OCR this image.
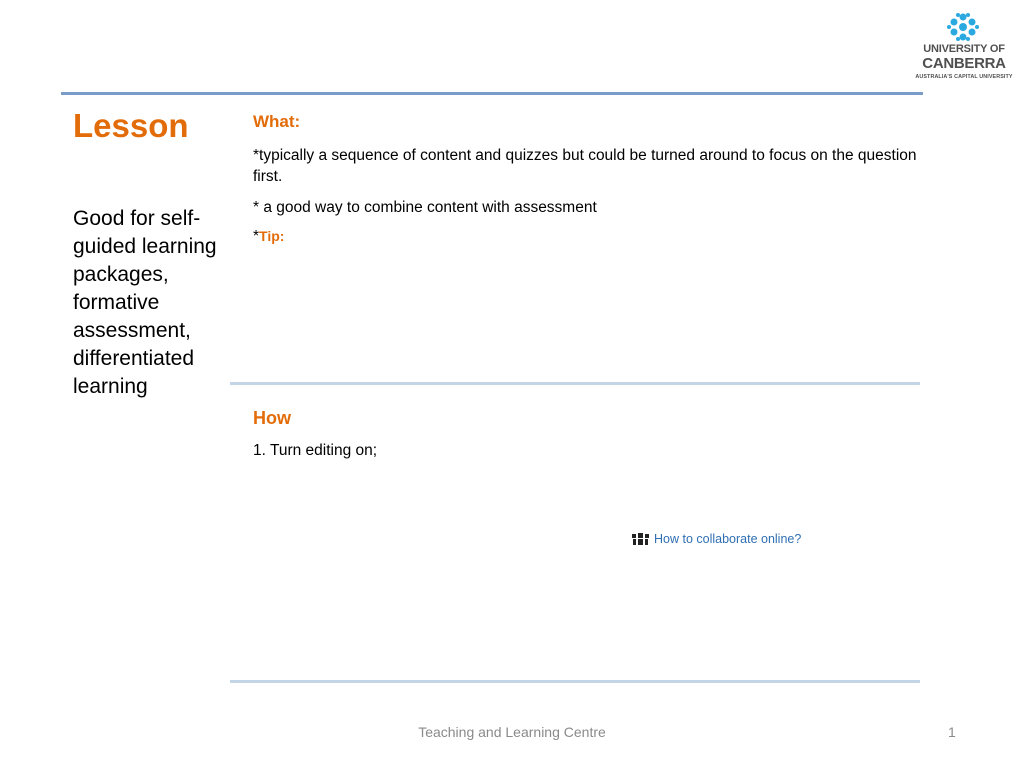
UNIVERSITY OF
CANBERRA
AUSTRALIA'S CAPITAL UNIVERSITY
Lesson

Good for self-guided learning packages, formative assessment, differentiated learning

What:

*typically a sequence of content and quizzes but could be turned around to focus on the question first.

* a good way to combine content with assessment

*Tip:

How

1. Turn editing on;

How to collaborate online?

Teaching and Learning Centre	1
